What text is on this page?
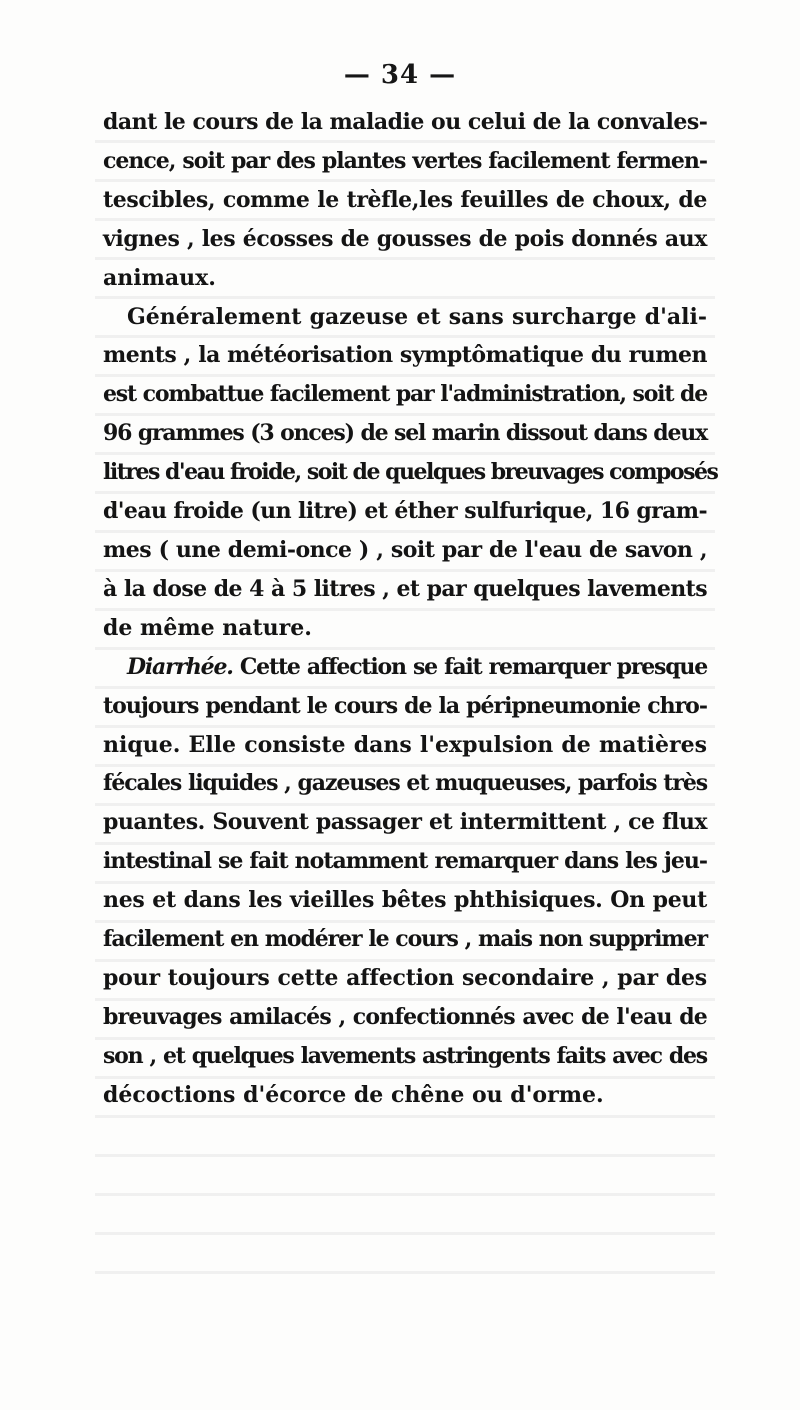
— 34 —
dant le cours de la maladie ou celui de la convales-
cence, soit par des plantes vertes facilement fermen-
tescibles, comme le trèfle,les feuilles de choux, de
vignes , les écosses de gousses de pois donnés aux
animaux.
Généralement gazeuse et sans surcharge d'ali-
ments , la météorisation symptômatique du rumen
est combattue facilement par l'administration, soit de
96 grammes (3 onces) de sel marin dissout dans deux
litres d'eau froide, soit de quelques breuvages composés
d'eau froide (un litre) et éther sulfurique, 16 gram-
mes ( une demi-once ) , soit par de l'eau de savon ,
à la dose de 4 à 5 litres , et par quelques lavements
de même nature.
Diarrhée. Cette affection se fait remarquer presque
toujours pendant le cours de la péripneumonie chro-
nique. Elle consiste dans l'expulsion de matières
fécales liquides , gazeuses et muqueuses, parfois très
puantes. Souvent passager et intermittent , ce flux
intestinal se fait notamment remarquer dans les jeu-
nes et dans les vieilles bêtes phthisiques. On peut
facilement en modérer le cours , mais non supprimer
pour toujours cette affection secondaire , par des
breuvages amilacés , confectionnés avec de l'eau de
son , et quelques lavements astringents faits avec des
décoctions d'écorce de chêne ou d'orme.
